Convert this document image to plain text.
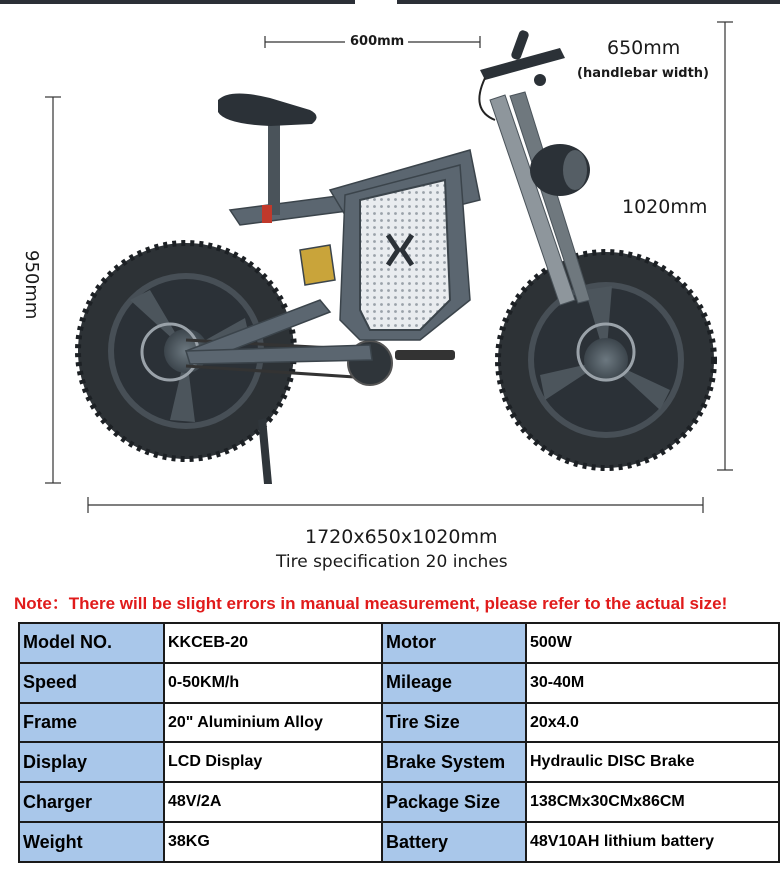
600mm	650mm
(handlebar width)
1020mm
950mm
1720x650x1020mm
Tire specification 20 inches
Note：There will be slight errors in manual measurement, please refer to the actual size!
Model NO.	KKCEB-20	Motor	500W
Speed	0-50KM/h	Mileage	30-40M
Frame	20" Aluminium Alloy	Tire Size	20x4.0
Display	LCD Display	Brake System	Hydraulic DISC Brake
Charger	48V/2A	Package Size	138CMx30CMx86CM
Weight	38KG	Battery	48V10AH lithium battery
